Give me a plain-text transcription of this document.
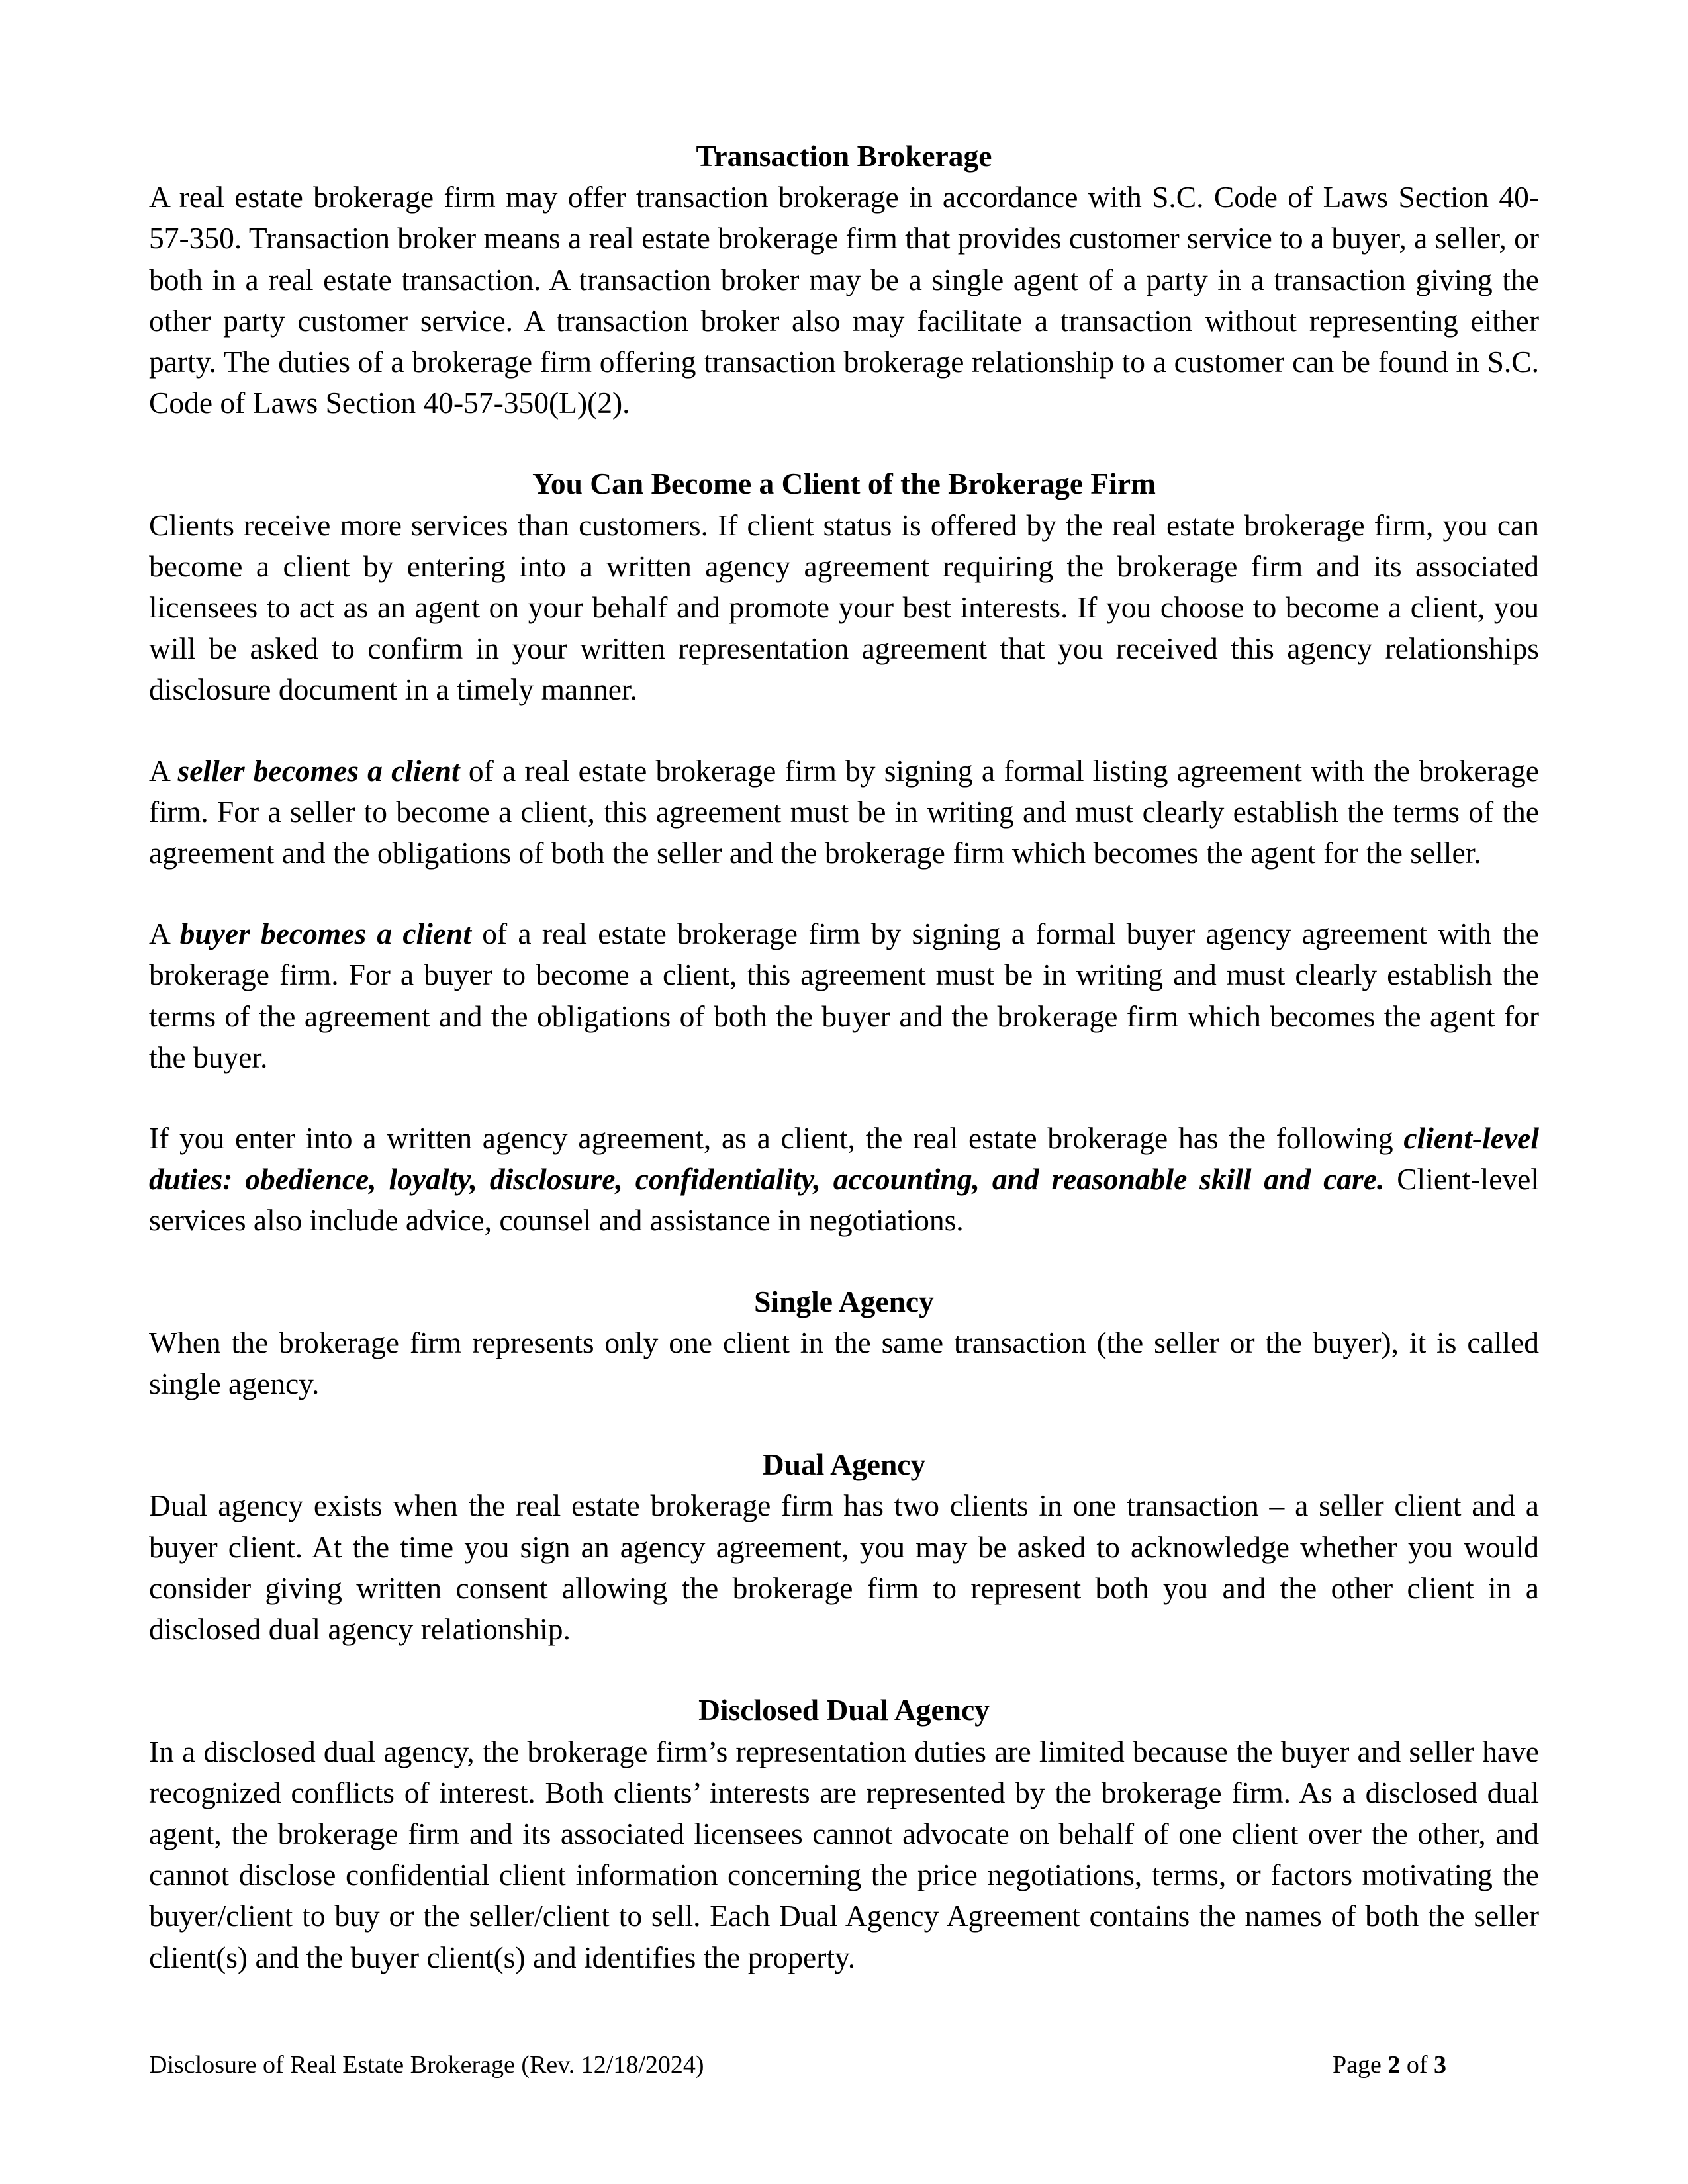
Transaction Brokerage

A real estate brokerage firm may offer transaction brokerage in accordance with S.C. Code of Laws Section 40- 57-350. Transaction broker means a real estate brokerage firm that provides customer service to a buyer, a seller, or both in a real estate transaction. A transaction broker may be a single agent of a party in a transaction giving the other party customer service. A transaction broker also may facilitate a transaction without representing either party. The duties of a brokerage firm offering transaction brokerage relationship to a customer can be found in S.C. Code of Laws Section 40-57-350(L)(2).

You Can Become a Client of the Brokerage Firm

Clients receive more services than customers. If client status is offered by the real estate brokerage firm, you can become a client by entering into a written agency agreement requiring the brokerage firm and its associated licensees to act as an agent on your behalf and promote your best interests. If you choose to become a client, you will be asked to confirm in your written representation agreement that you received this agency relationships disclosure document in a timely manner.

A seller becomes a client of a real estate brokerage firm by signing a formal listing agreement with the brokerage firm. For a seller to become a client, this agreement must be in writing and must clearly establish the terms of the agreement and the obligations of both the seller and the brokerage firm which becomes the agent for the seller.

A buyer becomes a client of a real estate brokerage firm by signing a formal buyer agency agreement with the brokerage firm. For a buyer to become a client, this agreement must be in writing and must clearly establish the terms of the agreement and the obligations of both the buyer and the brokerage firm which becomes the agent for the buyer.

If you enter into a written agency agreement, as a client, the real estate brokerage has the following client-level duties: obedience, loyalty, disclosure, confidentiality, accounting, and reasonable skill and care. Client-level services also include advice, counsel and assistance in negotiations.

Single Agency

When the brokerage firm represents only one client in the same transaction (the seller or the buyer), it is called single agency.

Dual Agency

Dual agency exists when the real estate brokerage firm has two clients in one transaction – a seller client and a buyer client. At the time you sign an agency agreement, you may be asked to acknowledge whether you would consider giving written consent allowing the brokerage firm to represent both you and the other client in a disclosed dual agency relationship.

Disclosed Dual Agency

In a disclosed dual agency, the brokerage firm’s representation duties are limited because the buyer and seller have recognized conflicts of interest. Both clients’ interests are represented by the brokerage firm. As a disclosed dual agent, the brokerage firm and its associated licensees cannot advocate on behalf of one client over the other, and cannot disclose confidential client information concerning the price negotiations, terms, or factors motivating the buyer/client to buy or the seller/client to sell. Each Dual Agency Agreement contains the names of both the seller client(s) and the buyer client(s) and identifies the property.

Disclosure of Real Estate Brokerage (Rev. 12/18/2024)	Page 2 of 3
